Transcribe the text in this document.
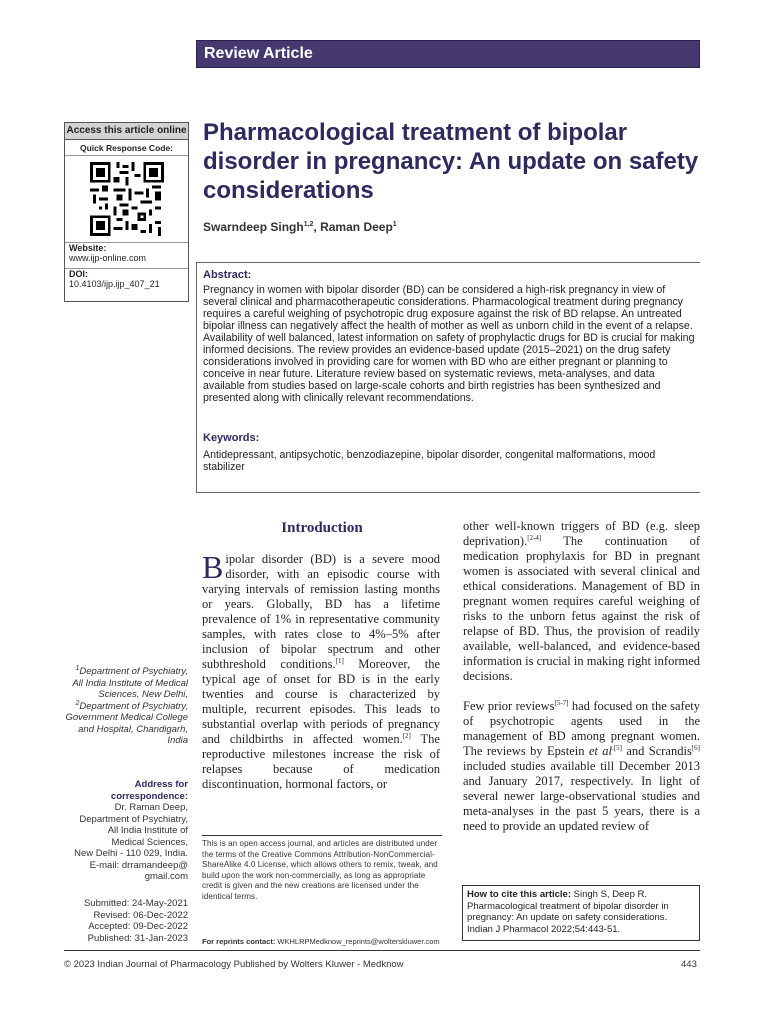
Review Article
Access this article online
Quick Response Code:
Website:
www.ijp-online.com
DOI:
10.4103/ijp.ijp_407_21
Pharmacological treatment of bipolar disorder in pregnancy: An update on safety considerations
Swarndeep Singh$^{1,2}$, Raman Deep$^1$
Abstract:
Pregnancy in women with bipolar disorder (BD) can be considered a high-risk pregnancy in view of several clinical and pharmacotherapeutic considerations. Pharmacological treatment during pregnancy requires a careful weighing of psychotropic drug exposure against the risk of BD relapse. An untreated bipolar illness can negatively affect the health of mother as well as unborn child in the event of a relapse. Availability of well balanced, latest information on safety of prophylactic drugs for BD is crucial for making informed decisions. The review provides an evidence-based update (2015–2021) on the drug safety considerations involved in providing care for women with BD who are either pregnant or planning to conceive in near future. Literature review based on systematic reviews, meta-analyses, and data available from studies based on large-scale cohorts and birth registries has been synthesized and presented along with clinically relevant recommendations.
Keywords:
Antidepressant, antipsychotic, benzodiazepine, bipolar disorder, congenital malformations, mood stabilizer
Introduction
Bipolar disorder (BD) is a severe mood disorder, with an episodic course with varying intervals of remission lasting months or years. Globally, BD has a lifetime prevalence of 1% in representative community samples, with rates close to 4%–5% after inclusion of bipolar spectrum and other subthreshold conditions.[1] Moreover, the typical age of onset for BD is in the early twenties and course is characterized by multiple, recurrent episodes. This leads to substantial overlap with periods of pregnancy and childbirths in affected women.[2] The reproductive milestones increase the risk of relapses because of medication discontinuation, hormonal factors, or
other well-known triggers of BD (e.g. sleep deprivation).[2-4] The continuation of medication prophylaxis for BD in pregnant women is associated with several clinical and ethical considerations. Management of BD in pregnant women requires careful weighing of risks to the unborn fetus against the risk of relapse of BD. Thus, the provision of readily available, well-balanced, and evidence-based information is crucial in making right informed decisions.
Few prior reviews[5-7] had focused on the safety of psychotropic agents used in the management of BD among pregnant women. The reviews by Epstein et $al^{.[5]}$ and Scrandis[6] included studies available till December 2013 and January 2017, respectively. In light of several newer large-observational studies and meta-analyses in the past 5 years, there is a need to provide an updated review of
$^1$Department of Psychiatry, All India Institute of Medical Sciences, New Delhi, $^2$Department of Psychiatry, Government Medical College and Hospital, Chandigarh, India
Address for correspondence:
Dr. Raman Deep,
Department of Psychiatry,
All India Institute of
Medical Sciences,
New Delhi - 110 029, India.
E-mail: drramandeep@
gmail.com
Submitted: 24-May-2021
Revised: 06-Dec-2022
Accepted: 09-Dec-2022
Published: 31-Jan-2023
This is an open access journal, and articles are distributed under the terms of the Creative Commons Attribution-NonCommercial-ShareAlike 4.0 License, which allows others to remix, tweak, and build upon the work non-commercially, as long as appropriate credit is given and the new creations are licensed under the identical terms.
For reprints contact: WKHLRPMedknow_reprints@wolterskluwer.com
How to cite this article: Singh S, Deep R. Pharmacological treatment of bipolar disorder in pregnancy: An update on safety considerations. Indian J Pharmacol 2022;54:443-51.
© 2023 Indian Journal of Pharmacology Published by Wolters Kluwer - Medknow	443
